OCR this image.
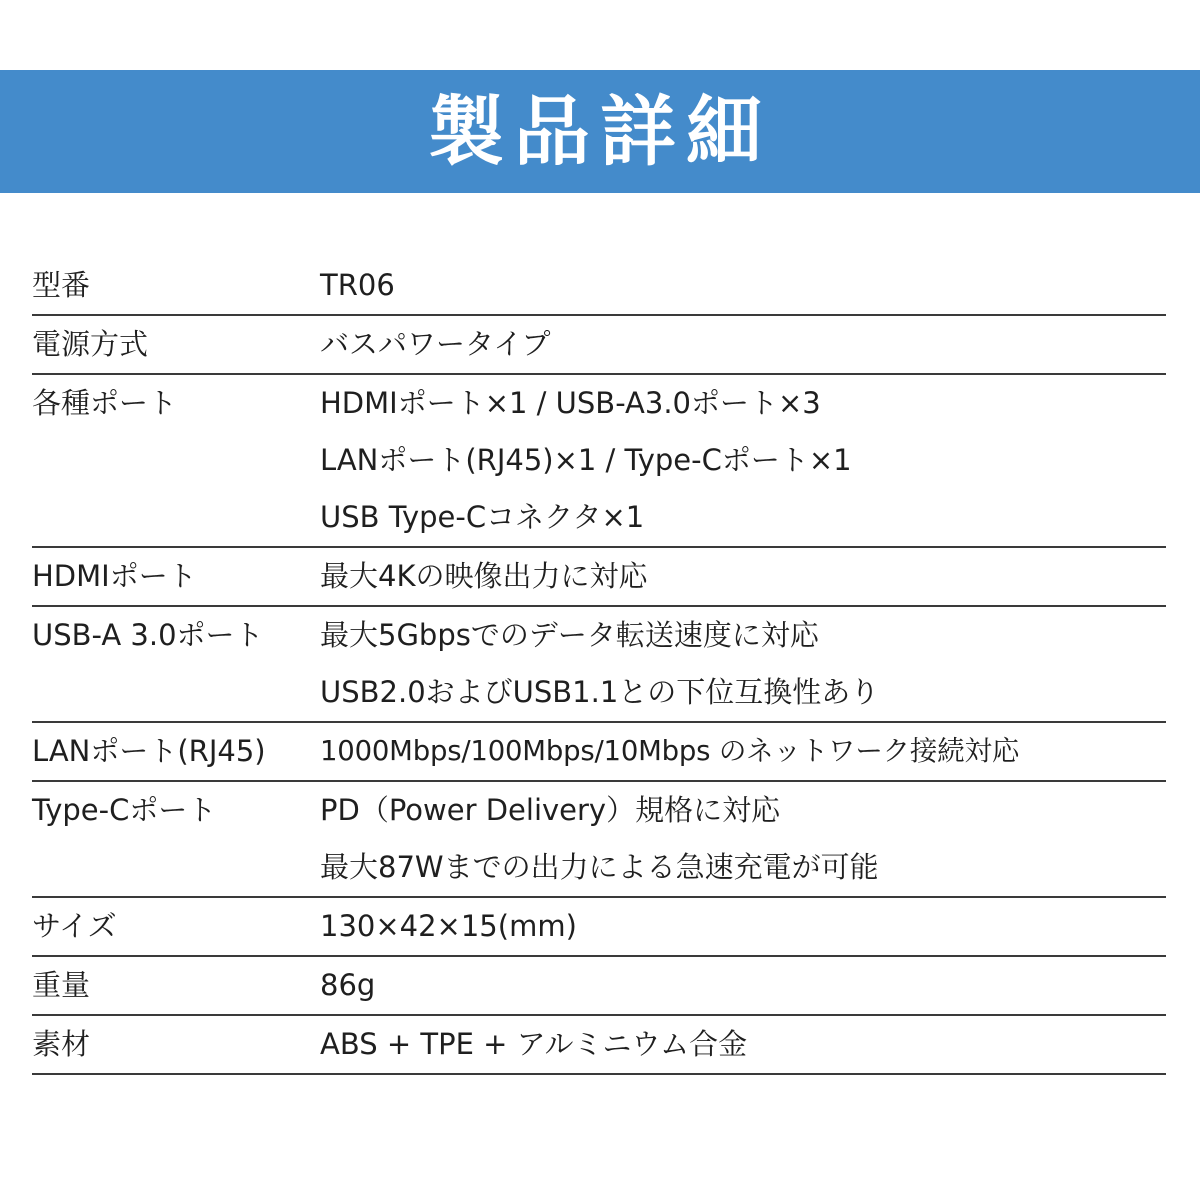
製品詳細
型番	TR06
電源方式	バスパワータイプ
各種ポート	HDMIポート×1 / USB-A3.0ポート×3
LANポート(RJ45)×1 / Type-Cポート×1
USB Type-Cコネクタ×1
HDMIポート	最大4Kの映像出力に対応
USB-A 3.0ポート	最大5Gbpsでのデータ転送速度に対応
USB2.0およびUSB1.1との下位互換性あり
LANポート(RJ45)	1000Mbps/100Mbps/10Mbps のネットワーク接続対応
Type-Cポート	PD（Power Delivery）規格に対応
最大87Wまでの出力による急速充電が可能
サイズ	130×42×15(mm)
重量	86g
素材	ABS + TPE + アルミニウム合金
